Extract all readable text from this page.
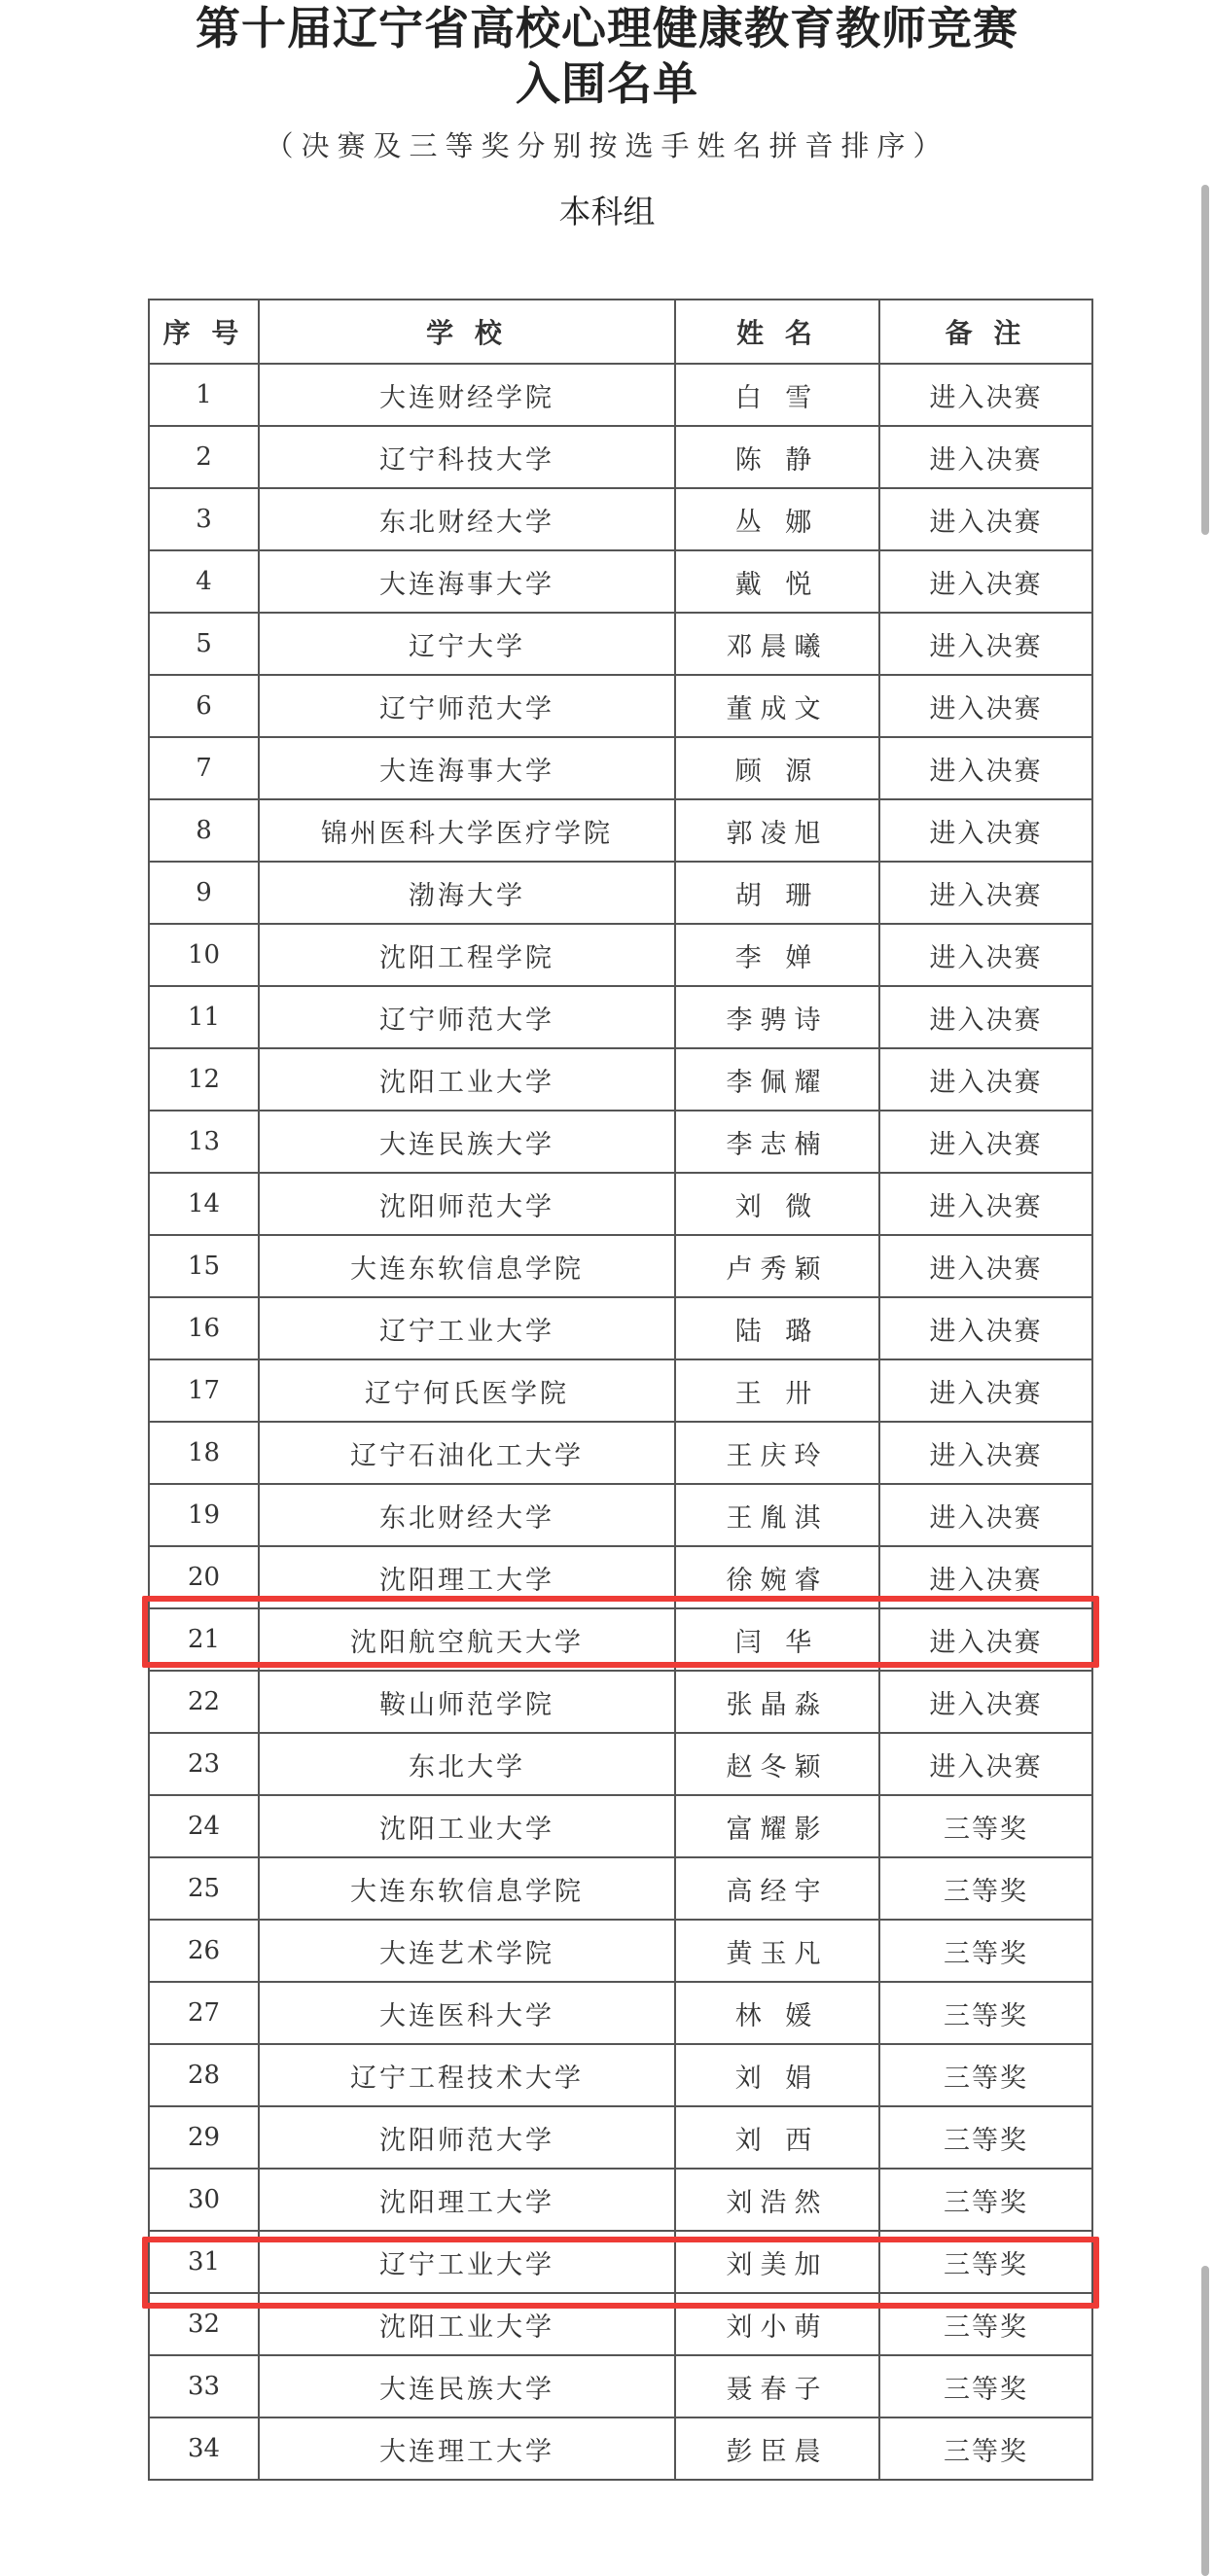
第十届辽宁省高校心理健康教育教师竞赛
入围名单
（决赛及三等奖分别按选手姓名拼音排序）
本科组
序 号	学 校	姓 名	备 注
1	大连财经学院	白 雪	进入决赛
2	辽宁科技大学	陈 静	进入决赛
3	东北财经大学	丛 娜	进入决赛
4	大连海事大学	戴 悦	进入决赛
5	辽宁大学	邓晨曦	进入决赛
6	辽宁师范大学	董成文	进入决赛
7	大连海事大学	顾 源	进入决赛
8	锦州医科大学医疗学院	郭凌旭	进入决赛
9	渤海大学	胡 珊	进入决赛
10	沈阳工程学院	李 婵	进入决赛
11	辽宁师范大学	李骋诗	进入决赛
12	沈阳工业大学	李佩耀	进入决赛
13	大连民族大学	李志楠	进入决赛
14	沈阳师范大学	刘 微	进入决赛
15	大连东软信息学院	卢秀颖	进入决赛
16	辽宁工业大学	陆 璐	进入决赛
17	辽宁何氏医学院	王 卅	进入决赛
18	辽宁石油化工大学	王庆玲	进入决赛
19	东北财经大学	王胤淇	进入决赛
20	沈阳理工大学	徐婉睿	进入决赛
21	沈阳航空航天大学	闫 华	进入决赛
22	鞍山师范学院	张晶淼	进入决赛
23	东北大学	赵冬颖	进入决赛
24	沈阳工业大学	富耀影	三等奖
25	大连东软信息学院	高经宇	三等奖
26	大连艺术学院	黄玉凡	三等奖
27	大连医科大学	林 媛	三等奖
28	辽宁工程技术大学	刘 娟	三等奖
29	沈阳师范大学	刘 西	三等奖
30	沈阳理工大学	刘浩然	三等奖
31	辽宁工业大学	刘美加	三等奖
32	沈阳工业大学	刘小萌	三等奖
33	大连民族大学	聂春子	三等奖
34	大连理工大学	彭臣晨	三等奖
